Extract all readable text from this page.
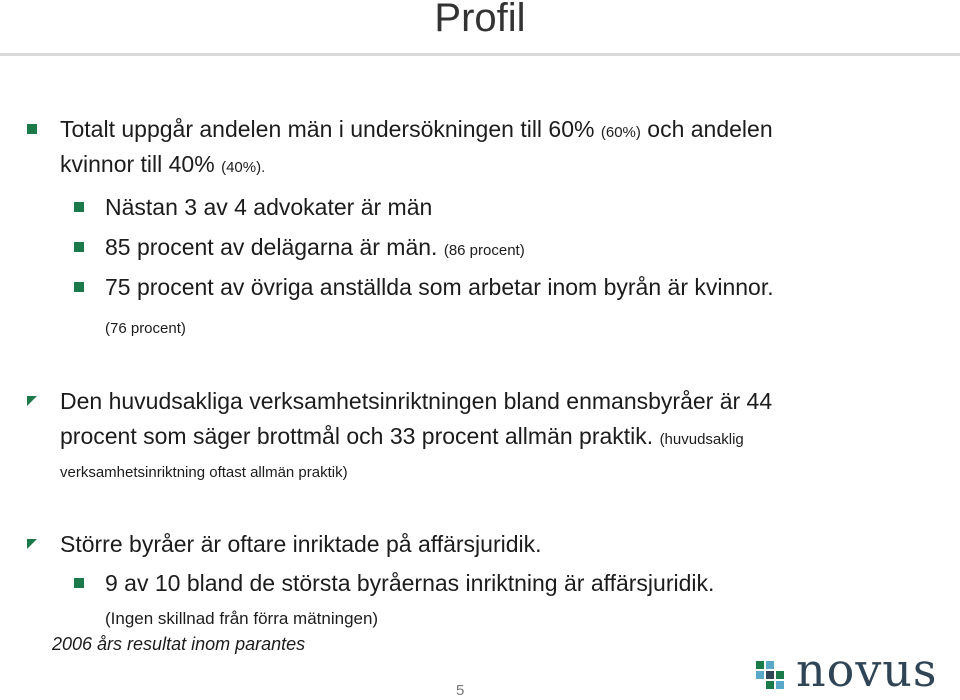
Profil
Totalt uppgår andelen män i undersökningen till 60% (60%) och andelen
kvinnor till 40% (40%).
Nästan 3 av 4 advokater är män
85 procent av delägarna är män. (86 procent)
75 procent av övriga anställda som arbetar inom byrån är kvinnor.
(76 procent)
Den huvudsakliga verksamhetsinriktningen bland enmansbyråer är 44
procent som säger brottmål och 33 procent allmän praktik. (huvudsaklig
verksamhetsinriktning oftast allmän praktik)
Större byråer är oftare inriktade på affärsjuridik.
9 av 10 bland de största byråernas inriktning är affärsjuridik.
(Ingen skillnad från förra mätningen)
2006 års resultat inom parantes
5	novus
